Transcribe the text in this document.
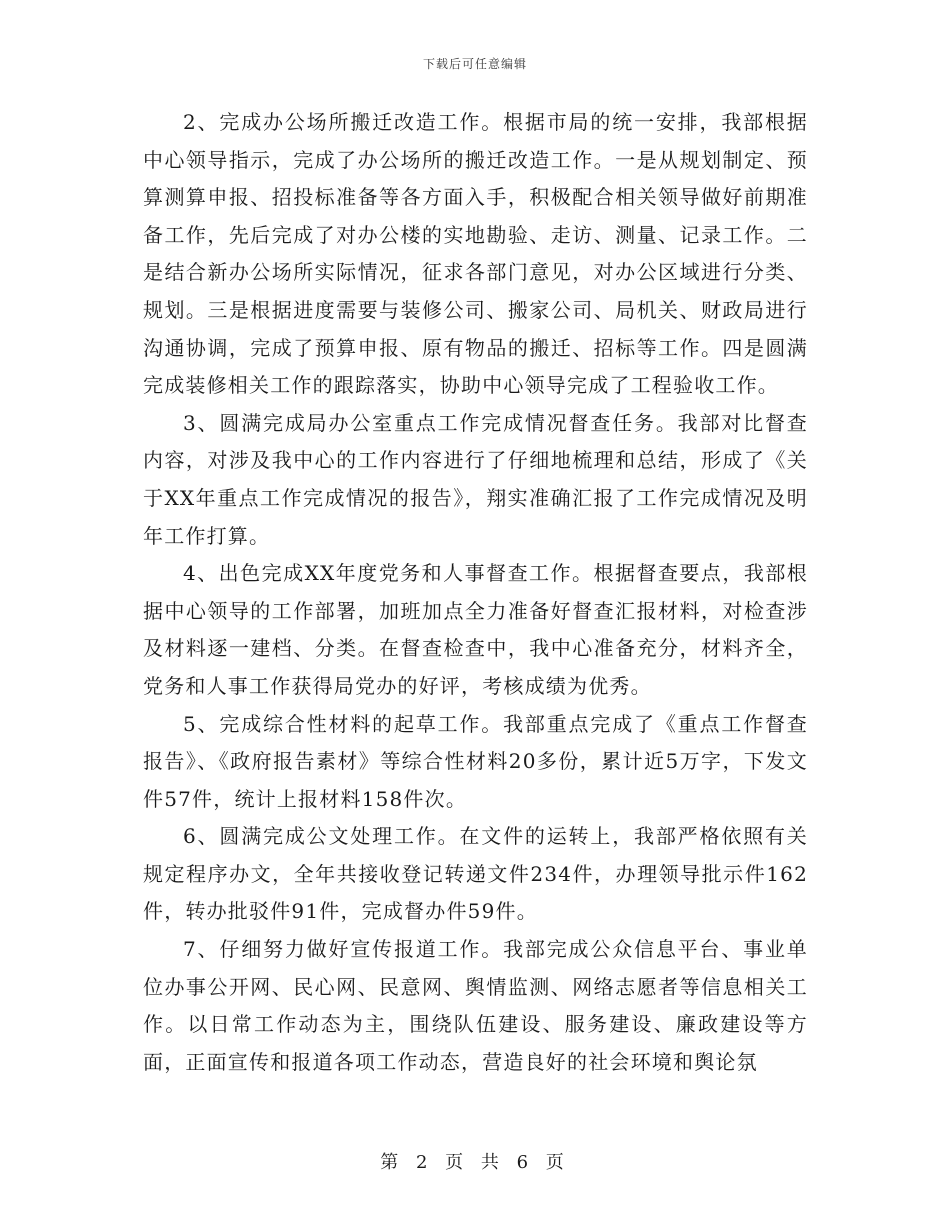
下载后可任意编辑

2、完成办公场所搬迁改造工作。根据市局的统一安排，我部根据中心领导指示，完成了办公场所的搬迁改造工作。一是从规划制定、预算测算申报、招投标准备等各方面入手，积极配合相关领导做好前期准备工作，先后完成了对办公楼的实地勘验、走访、测量、记录工作。二是结合新办公场所实际情况，征求各部门意见，对办公区域进行分类、规划。三是根据进度需要与装修公司、搬家公司、局机关、财政局进行沟通协调，完成了预算申报、原有物品的搬迁、招标等工作。四是圆满完成装修相关工作的跟踪落实，协助中心领导完成了工程验收工作。

3、圆满完成局办公室重点工作完成情况督查任务。我部对比督查内容，对涉及我中心的工作内容进行了仔细地梳理和总结，形成了《关于XX年重点工作完成情况的报告》，翔实准确汇报了工作完成情况及明年工作打算。

4、出色完成XX年度党务和人事督查工作。根据督查要点，我部根据中心领导的工作部署，加班加点全力准备好督查汇报材料，对检查涉及材料逐一建档、分类。在督查检查中，我中心准备充分，材料齐全，党务和人事工作获得局党办的好评，考核成绩为优秀。

5、完成综合性材料的起草工作。我部重点完成了《重点工作督查报告》、《政府报告素材》等综合性材料20多份，累计近5万字，下发文件57件，统计上报材料158件次。

6、圆满完成公文处理工作。在文件的运转上，我部严格依照有关规定程序办文，全年共接收登记转递文件234件，办理领导批示件162件，转办批驳件91件，完成督办件59件。

7、仔细努力做好宣传报道工作。我部完成公众信息平台、事业单位办事公开网、民心网、民意网、舆情监测、网络志愿者等信息相关工作。以日常工作动态为主，围绕队伍建设、服务建设、廉政建设等方面，正面宣传和报道各项工作动态，营造良好的社会环境和舆论氛

第 2 页 共 6 页
